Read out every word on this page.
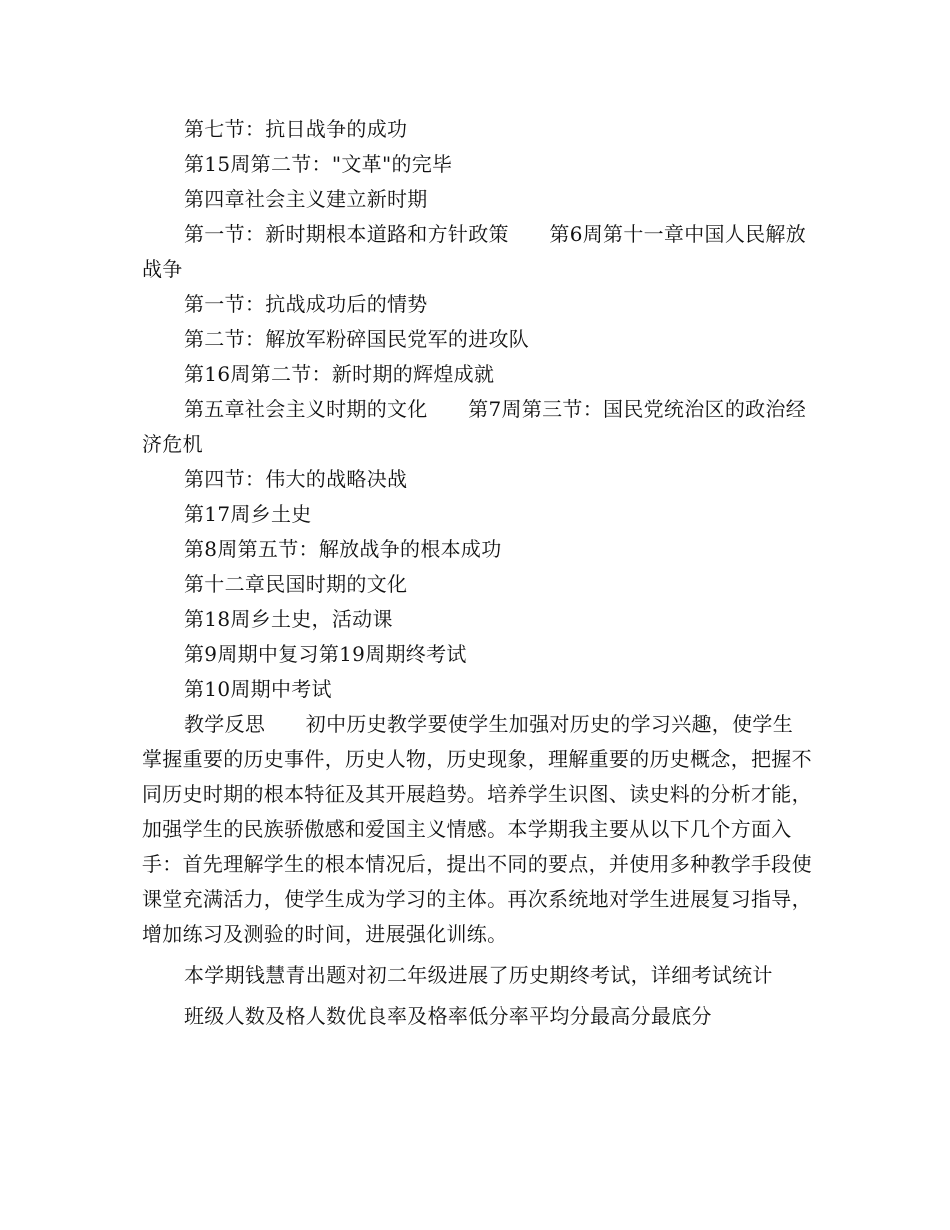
第七节：抗日战争的成功

第15周第二节："文革"的完毕

第四章社会主义建立新时期

第一节：新时期根本道路和方针政策　　第6周第十一章中国人民解放战争

第一节：抗战成功后的情势

第二节：解放军粉碎国民党军的进攻队

第16周第二节：新时期的辉煌成就

第五章社会主义时期的文化　　第7周第三节：国民党统治区的政治经济危机

第四节：伟大的战略决战

第17周乡土史

第8周第五节：解放战争的根本成功

第十二章民国时期的文化

第18周乡土史，活动课

第9周期中复习第19周期终考试

第10周期中考试

教学反思　　初中历史教学要使学生加强对历史的学习兴趣，使学生掌握重要的历史事件，历史人物，历史现象，理解重要的历史概念，把握不同历史时期的根本特征及其开展趋势。培养学生识图、读史料的分析才能，加强学生的民族骄傲感和爱国主义情感。本学期我主要从以下几个方面入手：首先理解学生的根本情况后，提出不同的要点，并使用多种教学手段使课堂充满活力，使学生成为学习的主体。再次系统地对学生进展复习指导，增加练习及测验的时间，进展强化训练。

本学期钱慧青出题对初二年级进展了历史期终考试，详细考试统计

班级人数及格人数优良率及格率低分率平均分最高分最底分
